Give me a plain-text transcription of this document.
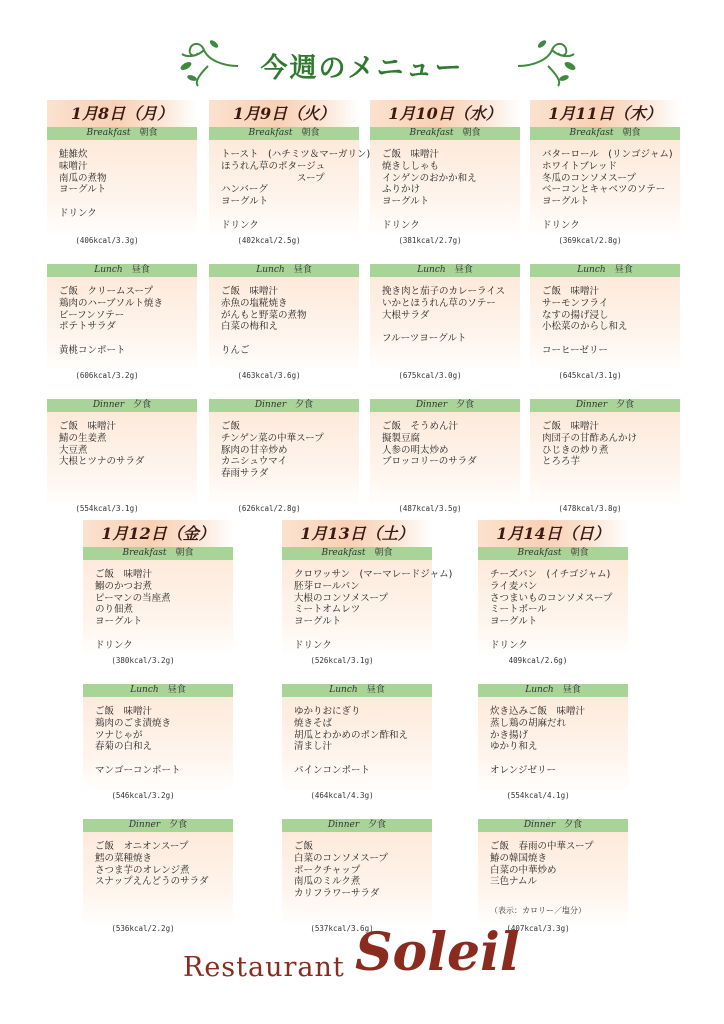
今週のメニュー
1月8日（月）
Breakfast　 朝食
鮭雑炊
味噌汁
南瓜の煮物
ヨーグルト
ドリンク
(406kcal/3.3g)
Lunch　 昼食
ご飯　クリームスープ
鶏肉のハーブソルト焼き
ビーフンソテー
ポテトサラダ
黄桃コンポート
(606kcal/3.2g)
Dinner　 夕食
ご飯　味噌汁
鯖の生姜煮
大豆煮
大根とツナのサラダ
(554kcal/3.1g)
1月9日（火）
Breakfast　 朝食
トースト　(ハチミツ＆マーガリン)
ほうれん草のポタージュ
　　　　　　　　スープ
ハンバーグ
ヨーグルト
ドリンク
(402kcal/2.5g)
Lunch　 昼食
ご飯　味噌汁
赤魚の塩糀焼き
がんもと野菜の煮物
白菜の梅和え
りんご
(463kcal/3.6g)
Dinner　 夕食
ご飯
チンゲン菜の中華スープ
豚肉の甘辛炒め
カニシュウマイ
春雨サラダ
(626kcal/2.8g)
1月10日（水）
Breakfast　 朝食
ご飯　味噌汁
焼きししゃも
インゲンのおかか和え
ふりかけ
ヨーグルト
ドリンク
(381kcal/2.7g)
Lunch　 昼食
挽き肉と茄子のカレーライス
いかとほうれん草のソテー
大根サラダ
フルーツヨーグルト
(675kcal/3.0g)
Dinner　 夕食
ご飯　そうめん汁
擬製豆腐
人参の明太炒め
ブロッコリーのサラダ
(487kcal/3.5g)
1月11日（木）
Breakfast　 朝食
バターロール　(リンゴジャム)
ホワイトブレッド
冬瓜のコンソメスープ
ベーコンとキャベツのソテー
ヨーグルト
ドリンク
(369kcal/2.8g)
Lunch　 昼食
ご飯　味噌汁
サーモンフライ
なすの揚げ浸し
小松菜のからし和え
コーヒーゼリー
(645kcal/3.1g)
Dinner　 夕食
ご飯　味噌汁
肉団子の甘酢あんかけ
ひじきの炒り煮
とろろ芋
(478kcal/3.8g)
1月12日（金）
Breakfast　 朝食
ご飯　味噌汁
鰯のかつお煮
ピーマンの当座煮
のり佃煮
ヨーグルト
ドリンク
(380kcal/3.2g)
Lunch　 昼食
ご飯　味噌汁
鶏肉のごま漬焼き
ツナじゃが
春菊の白和え
マンゴーコンポート
(546kcal/3.2g)
Dinner　 夕食
ご飯　オニオンスープ
鱈の菜種焼き
さつま芋のオレンジ煮
スナップえんどうのサラダ
(536kcal/2.2g)
1月13日（土）
Breakfast　 朝食
クロワッサン　(マーマレードジャム)
胚芽ロールパン
大根のコンソメスープ
ミートオムレツ
ヨーグルト
ドリンク
(526kcal/3.1g)
Lunch　 昼食
ゆかりおにぎり
焼きそば
胡瓜とわかめのポン酢和え
清まし汁
パインコンポート
(464kcal/4.3g)
Dinner　 夕食
ご飯
白菜のコンソメスープ
ポークチャップ
南瓜のミルク煮
カリフラワーサラダ
(537kcal/3.6g)
1月14日（日）
Breakfast　 朝食
チーズパン　(イチゴジャム)
ライ麦パン
さつまいものコンソメスープ
ミートボール
ヨーグルト
ドリンク
409kcal/2.6g)
Lunch　 昼食
炊き込みご飯　味噌汁
蒸し鶏の胡麻だれ
かき揚げ
ゆかり和え
オレンジゼリー
(554kcal/4.1g)
Dinner　 夕食
ご飯　春雨の中華スープ
鰆の韓国焼き
白菜の中華炒め
三色ナムル
(407kcal/3.3g)
（表示：カロリー／塩分）
Restaurant Soleil
